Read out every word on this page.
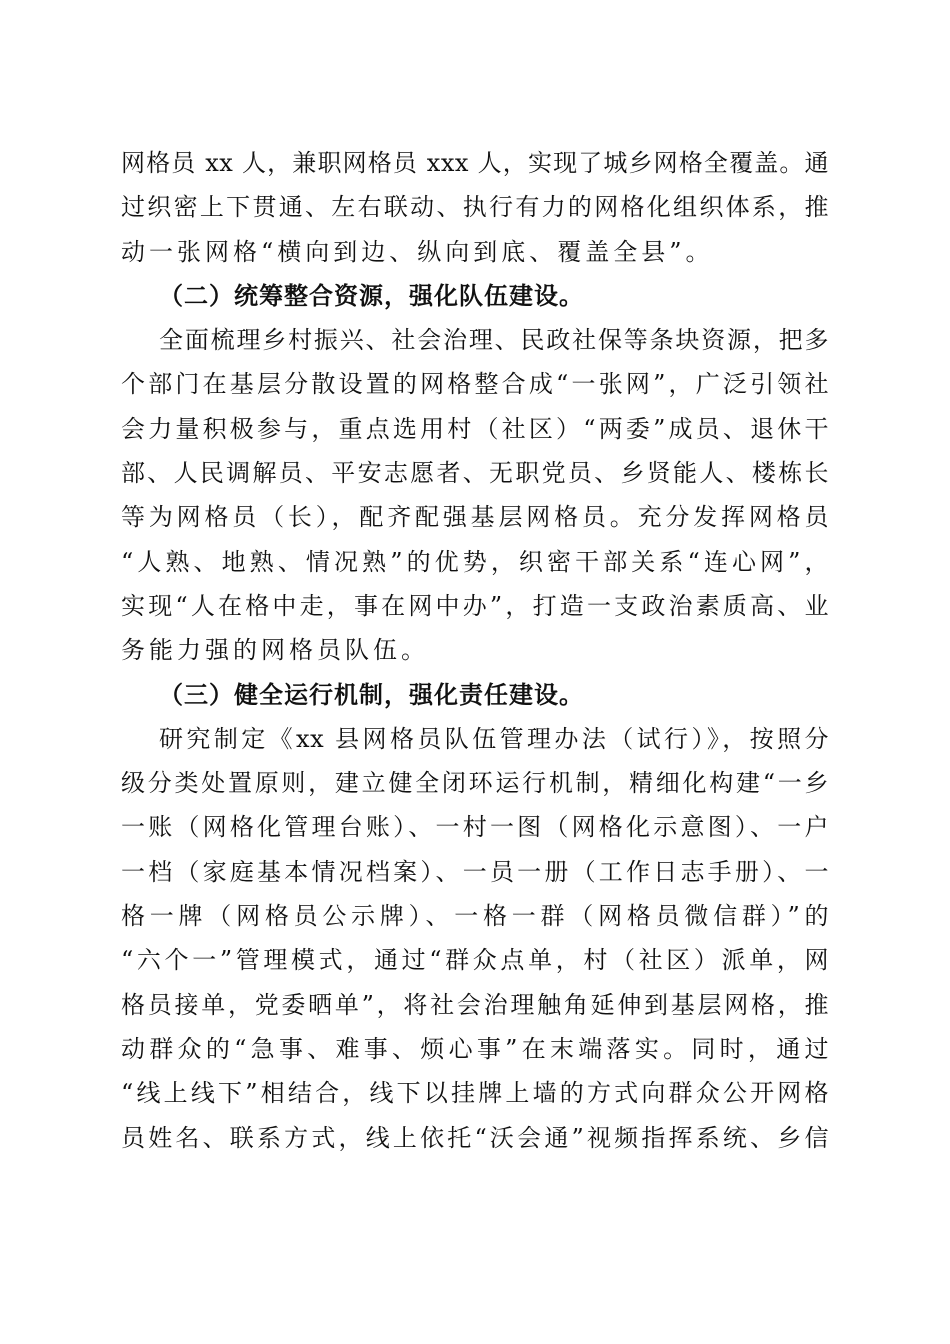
网格员 xx 人，兼职网格员 xxx 人，实现了城乡网格全覆盖。通
过织密上下贯通、左右联动、执行有力的网格化组织体系，推
动一张网格“横向到边、纵向到底、覆盖全县”。
（二）统筹整合资源，强化队伍建设。
全面梳理乡村振兴、社会治理、民政社保等条块资源，把多
个部门在基层分散设置的网格整合成“一张网”，广泛引领社
会力量积极参与，重点选用村（社区）“两委”成员、退休干
部、人民调解员、平安志愿者、无职党员、乡贤能人、楼栋长
等为网格员（长），配齐配强基层网格员。充分发挥网格员
“人熟、地熟、情况熟”的优势，织密干部关系“连心网”，
实现“人在格中走，事在网中办”，打造一支政治素质高、业
务能力强的网格员队伍。
（三）健全运行机制，强化责任建设。
研究制定《xx 县网格员队伍管理办法（试行）》，按照分
级分类处置原则，建立健全闭环运行机制，精细化构建“一乡
一账（网格化管理台账）、一村一图（网格化示意图）、一户
一档（家庭基本情况档案）、一员一册（工作日志手册）、一
格一牌（网格员公示牌）、一格一群（网格员微信群）”的
“六个一”管理模式，通过“群众点单，村（社区）派单，网
格员接单，党委晒单”，将社会治理触角延伸到基层网格，推
动群众的“急事、难事、烦心事”在末端落实。同时，通过
“线上线下”相结合，线下以挂牌上墙的方式向群众公开网格
员姓名、联系方式，线上依托“沃会通”视频指挥系统、乡信
